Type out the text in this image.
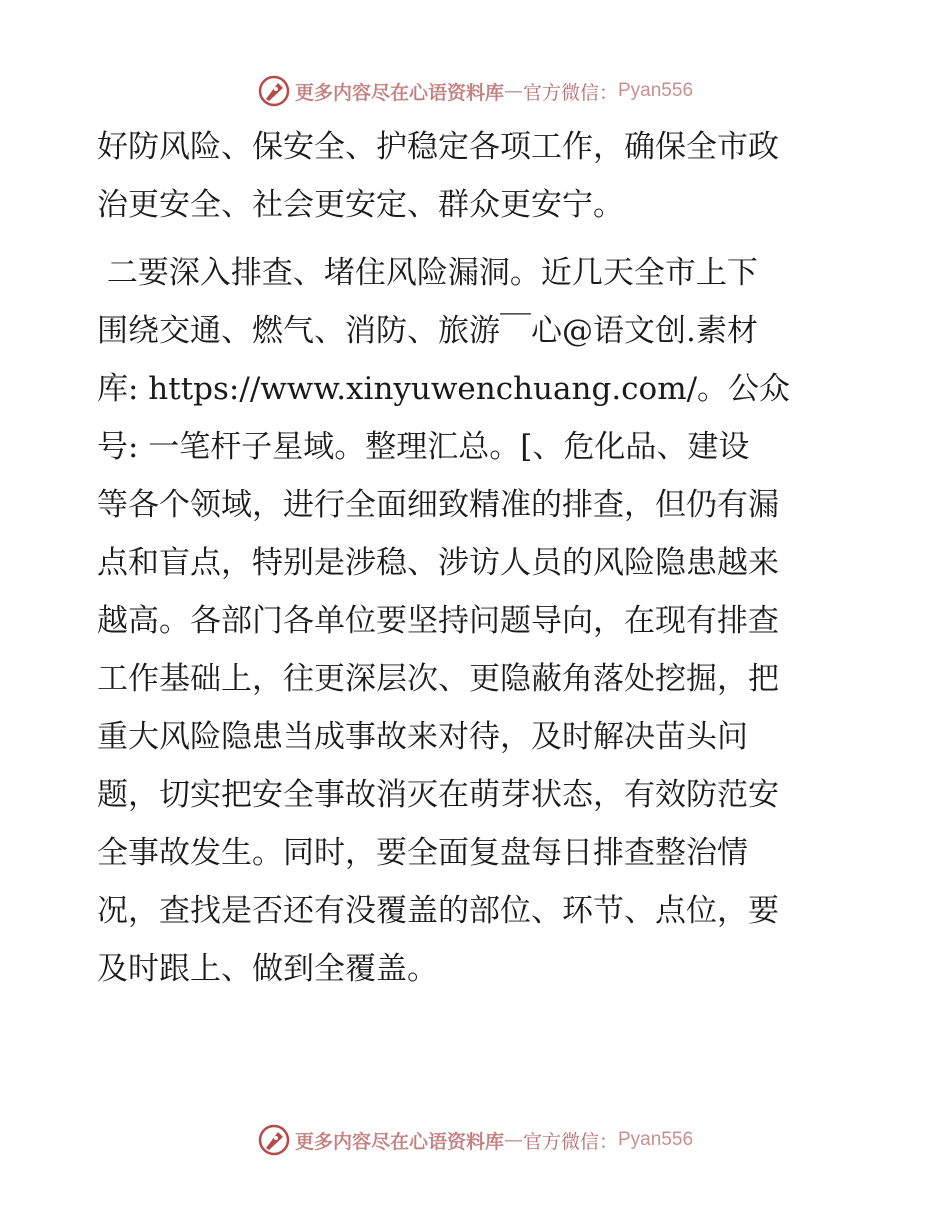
更多内容尽在心语资料库 — 官方微信： Pyan556

好防风险、保安全、护稳定各项工作，确保全市政
治更安全、社会更安定、群众更安宁。

二要深入排查、堵住风险漏洞。近几天全市上下
围绕交通、燃气、消防、旅游￣心@语文创.素材
库: https://www.xinyuwenchuang.com/。公众
号: 一笔杆子星域。整理汇总。[、危化品、建设
等各个领域，进行全面细致精准的排查，但仍有漏
点和盲点，特别是涉稳、涉访人员的风险隐患越来
越高。各部门各单位要坚持问题导向，在现有排查
工作基础上，往更深层次、更隐蔽角落处挖掘，把
重大风险隐患当成事故来对待，及时解决苗头问
题，切实把安全事故消灭在萌芽状态，有效防范安
全事故发生。同时，要全面复盘每日排查整治情
况，查找是否还有没覆盖的部位、环节、点位，要
及时跟上、做到全覆盖。

更多内容尽在心语资料库 — 官方微信： Pyan556
